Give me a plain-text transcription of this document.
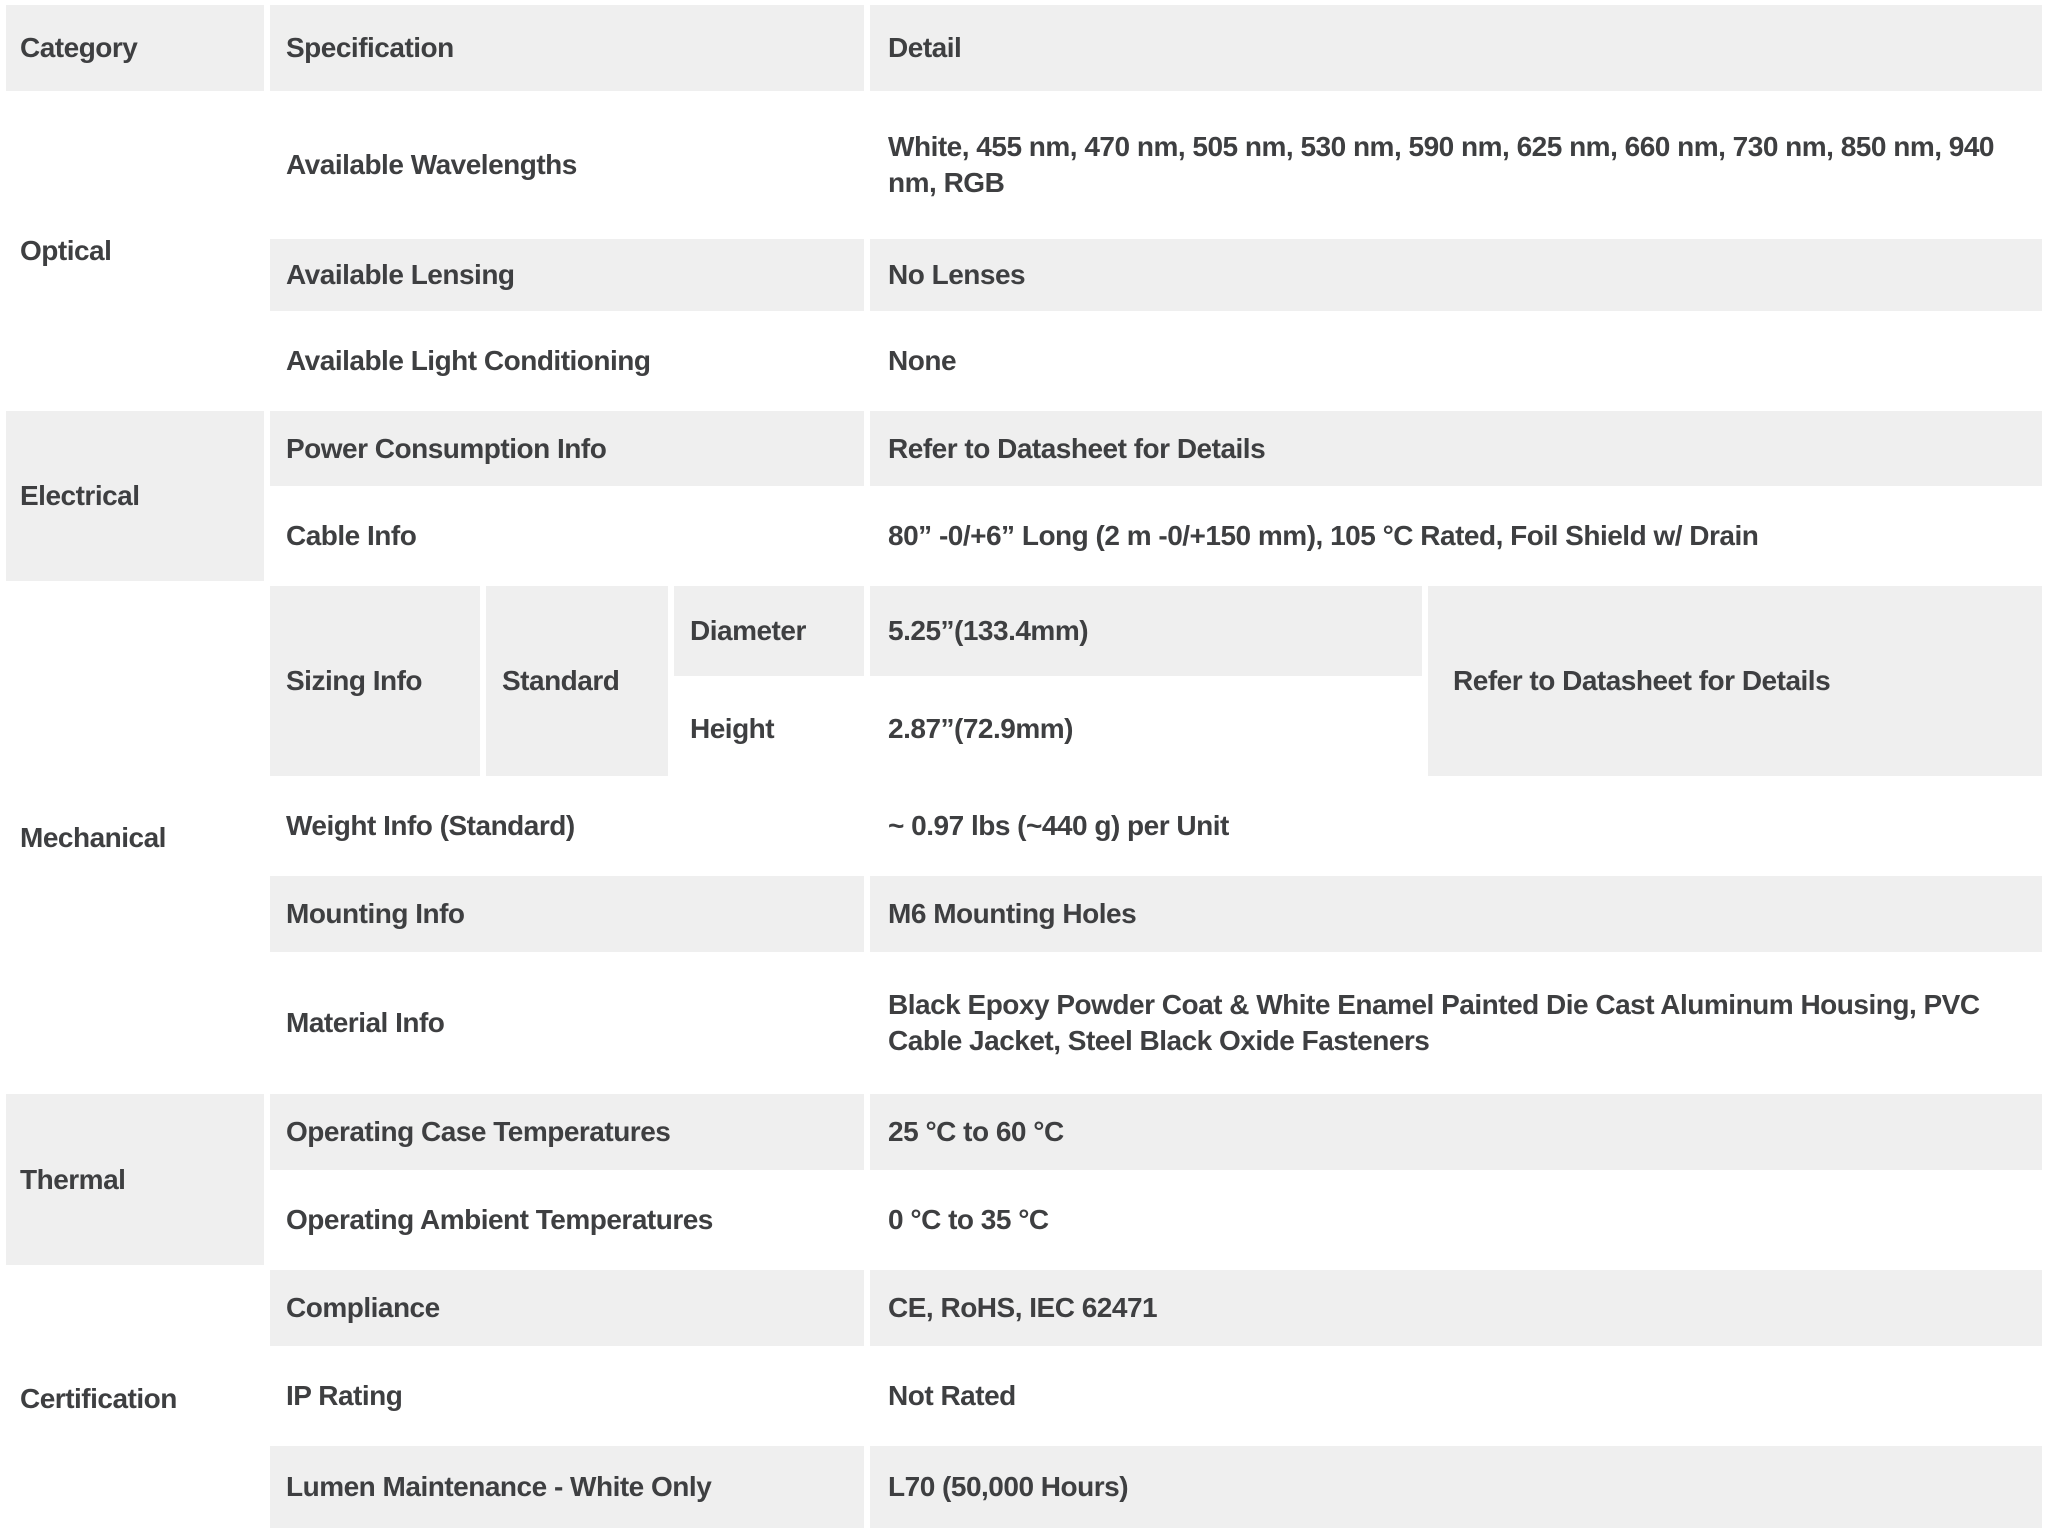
Category	Specification			Detail	
Optical	Available Wavelengths			White, 455 nm, 470 nm, 505 nm, 530 nm, 590 nm, 625 nm, 660 nm, 730 nm, 850 nm, 940 nm, RGB	
	Available Lensing			No Lenses	
	Available Light Conditioning			None	
Electrical	Power Consumption Info			Refer to Datasheet for Details	
	Cable Info			80” -0/+6” Long (2 m -0/+150 mm), 105 °C Rated, Foil Shield w/ Drain	
Mechanical	Sizing Info	Standard	Diameter	5.25”(133.4mm)	Refer to Datasheet for Details
			Height	2.87”(72.9mm)	
	Weight Info (Standard)			~ 0.97 lbs (~440 g) per Unit	
	Mounting Info			M6 Mounting Holes	
	Material Info			Black Epoxy Powder Coat & White Enamel Painted Die Cast Aluminum Housing, PVC Cable Jacket, Steel Black Oxide Fasteners	
Thermal	Operating Case Temperatures			25 °C to 60 °C	
	Operating Ambient Temperatures			0 °C to 35 °C	
Certification	Compliance			CE, RoHS, IEC 62471	
	IP Rating			Not Rated	
	Lumen Maintenance - White Only			L70 (50,000 Hours)	
